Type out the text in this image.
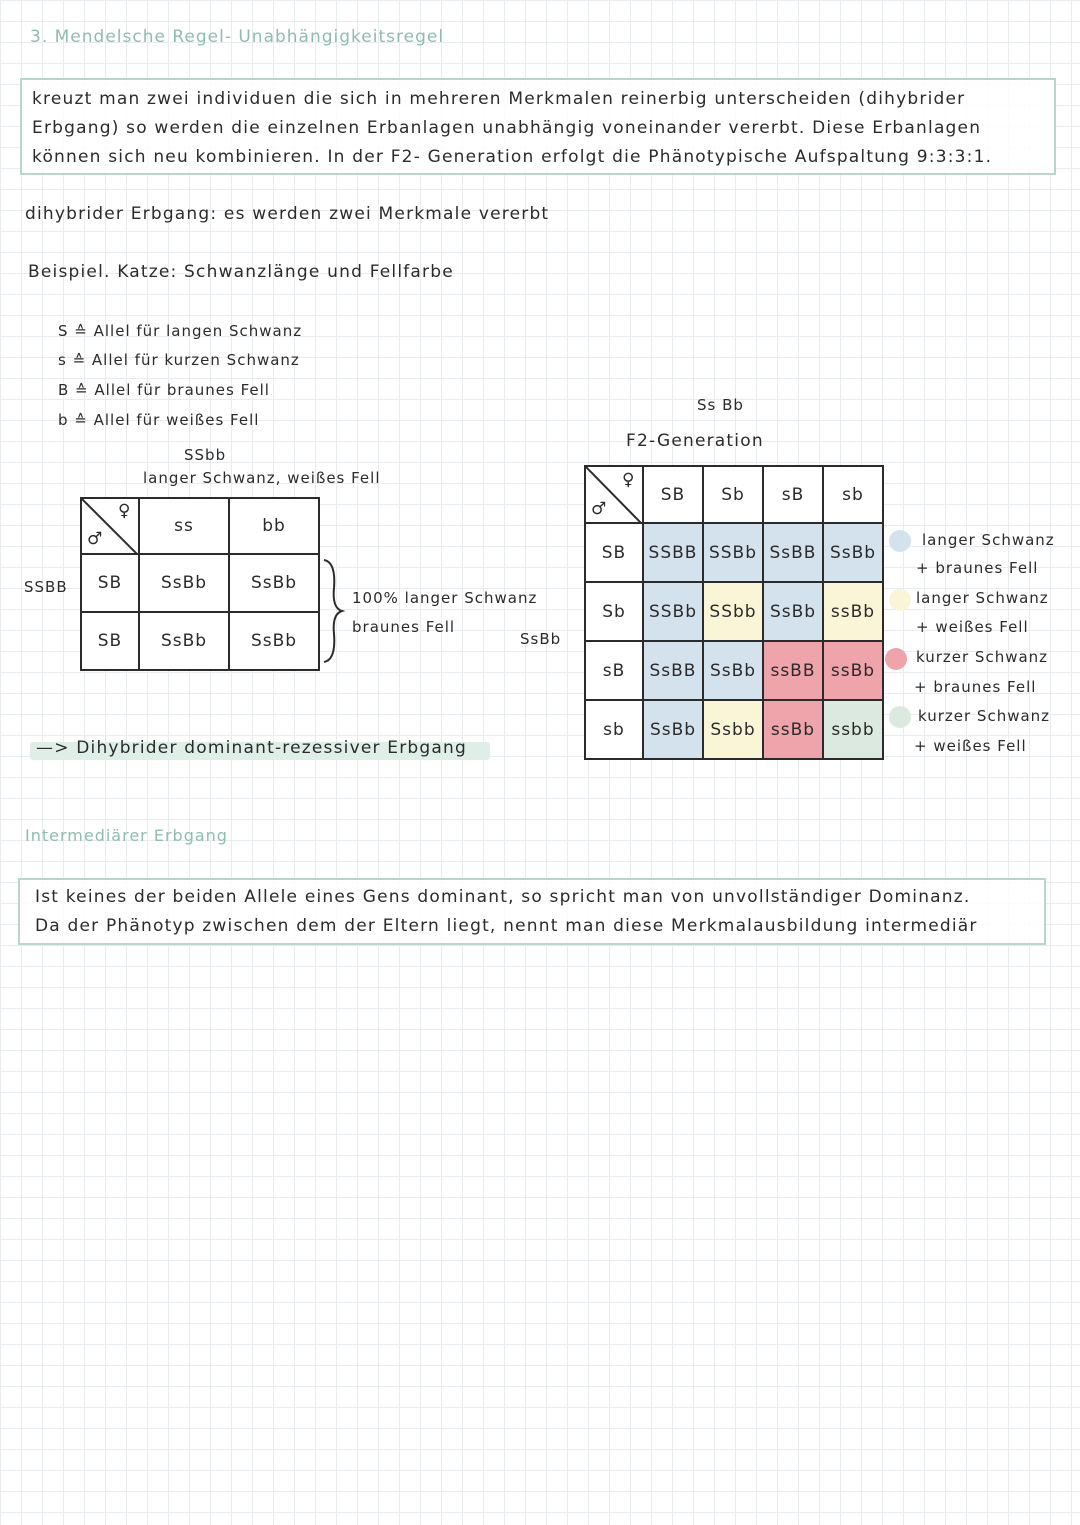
3. Mendelsche Regel- Unabhängigkeitsregel
kreuzt man zwei individuen die sich in mehreren Merkmalen reinerbig unterscheiden (dihybrider
Erbgang) so werden die einzelnen Erbanlagen unabhängig voneinander vererbt. Diese Erbanlagen
können sich neu kombinieren. In der F2- Generation erfolgt die Phänotypische Aufspaltung 9:3:3:1.
dihybrider Erbgang: es werden zwei Merkmale vererbt
Beispiel. Katze: Schwanzlänge und Fellfarbe
S ≙ Allel für langen Schwanz
s ≙ Allel für kurzen Schwanz
B ≙ Allel für braunes Fell
b ≙ Allel für weißes Fell
SSbb
langer Schwanz, weißes Fell
SSBB
♀
♂	ss	bb
SB	SsBb	SsBb
SB	SsBb	SsBb
100% langer Schwanz
braunes Fell
SsBb
—> Dihybrider dominant-rezessiver Erbgang
Ss Bb
F2-Generation
♀
♂	SB	Sb	sB	sb
SB	SSBB	SSBb	SsBB	SsBb
Sb	SSBb	SSbb	SsBb	ssBb
sB	SsBB	SsBb	ssBB	ssBb
sb	SsBb	Ssbb	ssBb	ssbb
langer Schwanz
+ braunes Fell
langer Schwanz
+ weißes Fell
kurzer Schwanz
+ braunes Fell
kurzer Schwanz
+ weißes Fell
Intermediärer Erbgang
Ist keines der beiden Allele eines Gens dominant, so spricht man von unvollständiger Dominanz.
Da der Phänotyp zwischen dem der Eltern liegt, nennt man diese Merkmalausbildung intermediär
